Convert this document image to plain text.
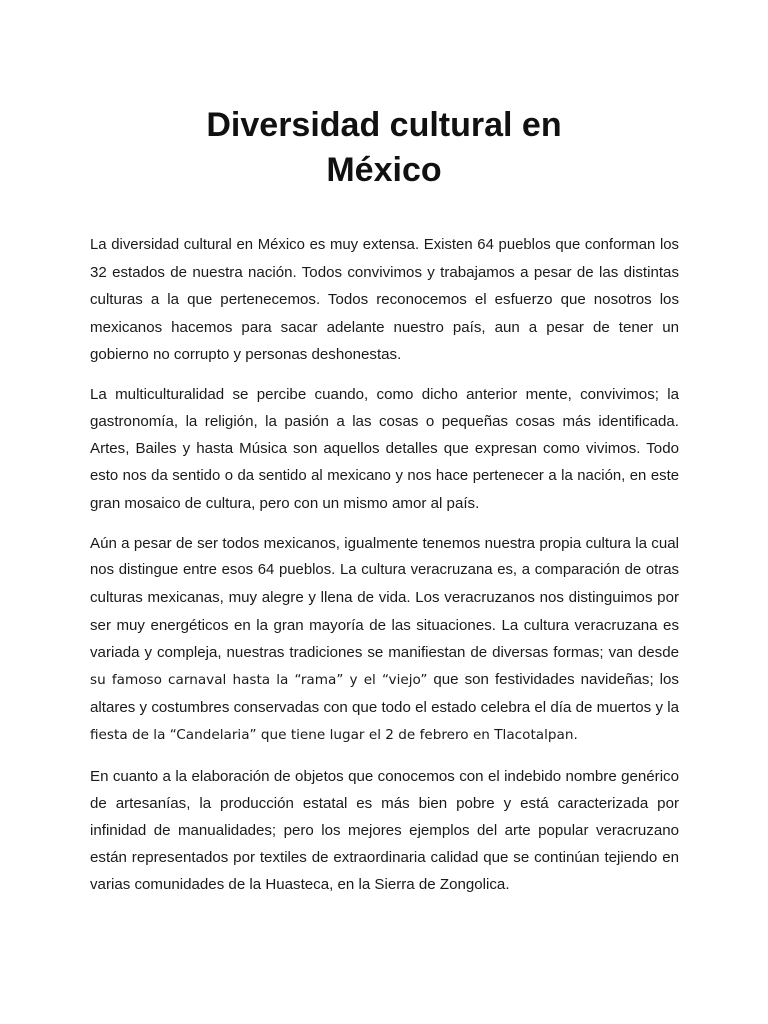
Diversidad cultural en
México

La diversidad cultural en México es muy extensa. Existen 64 pueblos que conforman los
32 estados de nuestra nación. Todos convivimos y trabajamos a pesar de las distintas
culturas a la que pertenecemos. Todos reconocemos el esfuerzo que nosotros los
mexicanos hacemos para sacar adelante nuestro país, aun a pesar de tener un
gobierno no corrupto y personas deshonestas.

La multiculturalidad se percibe cuando, como dicho anterior mente, convivimos; la
gastronomía, la religión, la pasión a las cosas o pequeñas cosas más identificada.
Artes, Bailes y hasta Música son aquellos detalles que expresan como vivimos. Todo
esto nos da sentido o da sentido al mexicano y nos hace pertenecer a la nación, en este
gran mosaico de cultura, pero con un mismo amor al país.

Aún a pesar de ser todos mexicanos, igualmente tenemos nuestra propia cultura la cual
nos distingue entre esos 64 pueblos. La cultura veracruzana es, a comparación de otras
culturas mexicanas, muy alegre y llena de vida. Los veracruzanos nos distinguimos por
ser muy energéticos en la gran mayoría de las situaciones. La cultura veracruzana es
variada y compleja, nuestras tradiciones se manifiestan de diversas formas; van desde
su famoso carnaval hasta la “rama” y el “viejo” que son festividades navideñas; los
altares y costumbres conservadas con que todo el estado celebra el día de muertos y la
fiesta de la “Candelaria” que tiene lugar el 2 de febrero en Tlacotalpan.

En cuanto a la elaboración de objetos que conocemos con el indebido nombre genérico
de artesanías, la producción estatal es más bien pobre y está caracterizada por
infinidad de manualidades; pero los mejores ejemplos del arte popular veracruzano
están representados por textiles de extraordinaria calidad que se continúan tejiendo en
varias comunidades de la Huasteca, en la Sierra de Zongolica.
